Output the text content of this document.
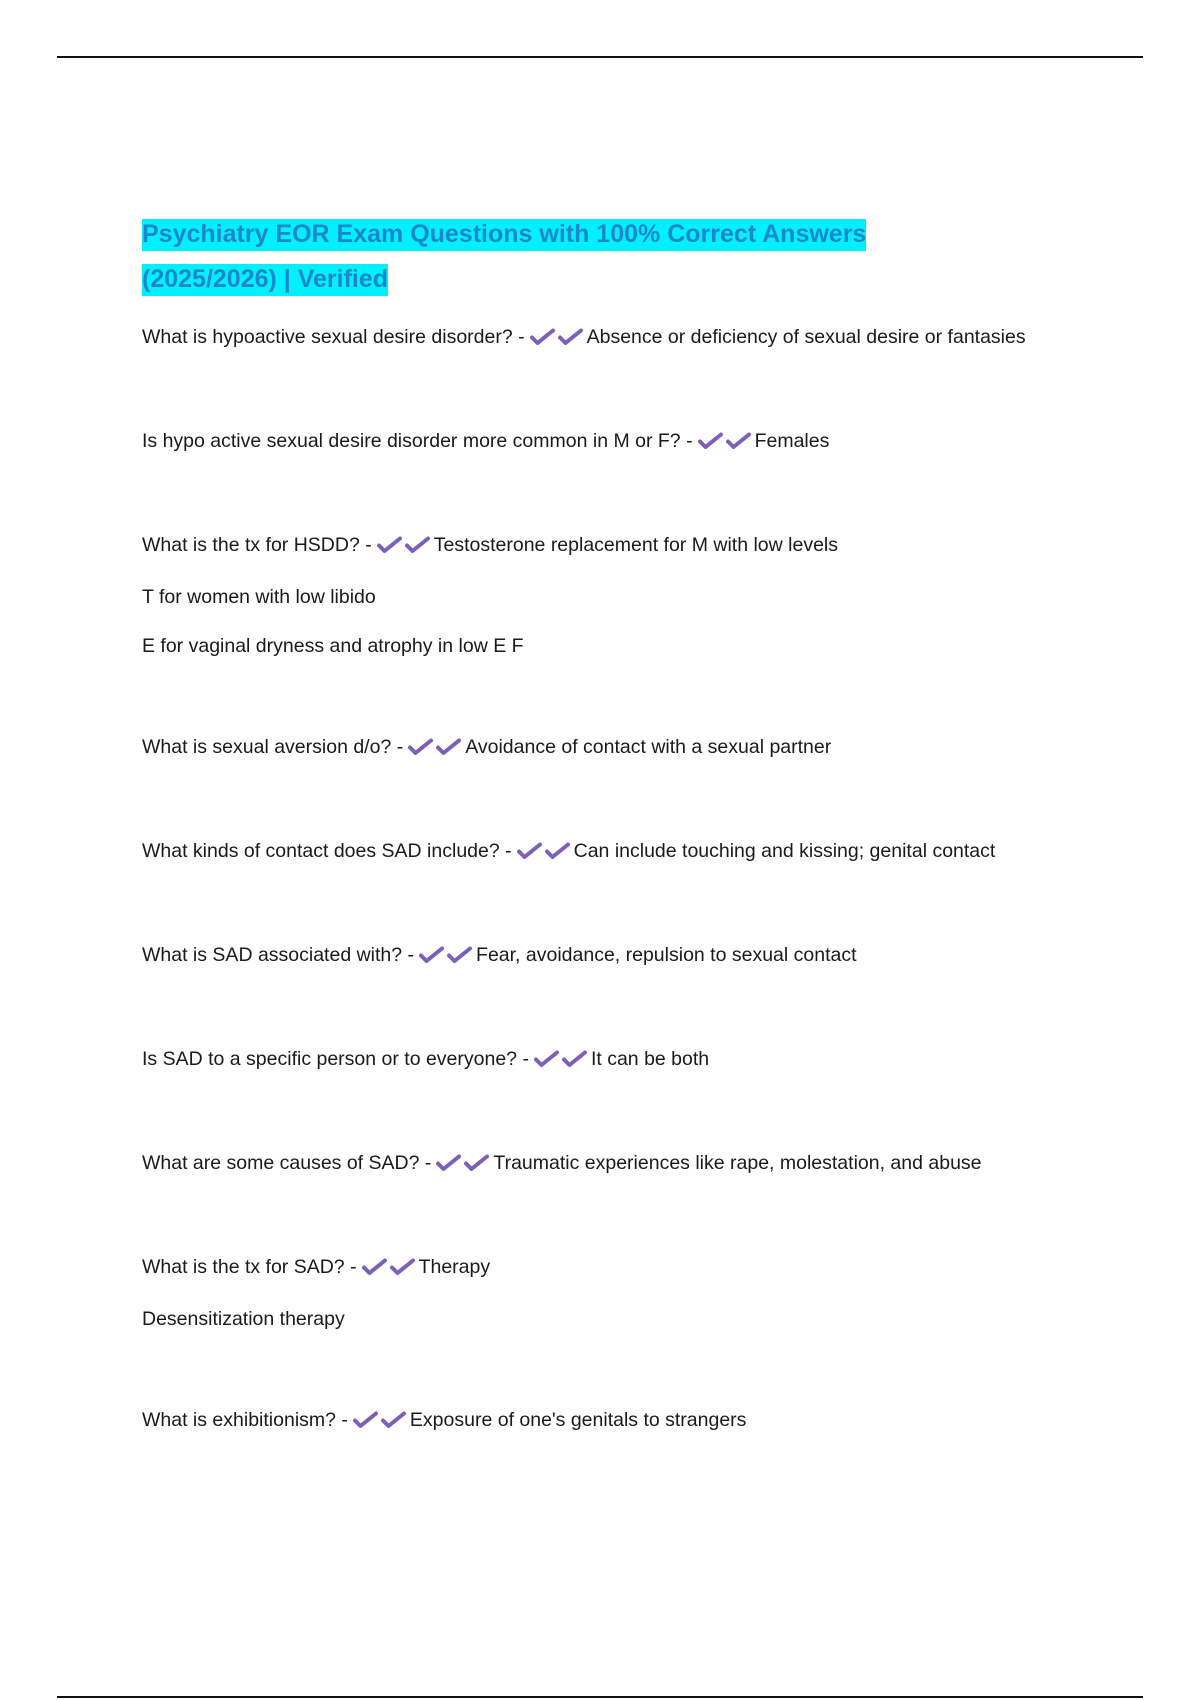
Psychiatry EOR Exam Questions with 100% Correct Answers
(2025/2026) | Verified

What is hypoactive sexual desire disorder? -	Absence or deficiency of sexual desire or fantasies

Is hypo active sexual desire disorder more common in M or F? -	Females

What is the tx for HSDD? -	Testosterone replacement for M with low levels

T for women with low libido

E for vaginal dryness and atrophy in low E F

What is sexual aversion d/o? -	Avoidance of contact with a sexual partner

What kinds of contact does SAD include? -	Can include touching and kissing; genital contact

What is SAD associated with? -	Fear, avoidance, repulsion to sexual contact

Is SAD to a specific person or to everyone? -	It can be both

What are some causes of SAD? -	Traumatic experiences like rape, molestation, and abuse

What is the tx for SAD? -	Therapy

Desensitization therapy

What is exhibitionism? -	Exposure of one's genitals to strangers
